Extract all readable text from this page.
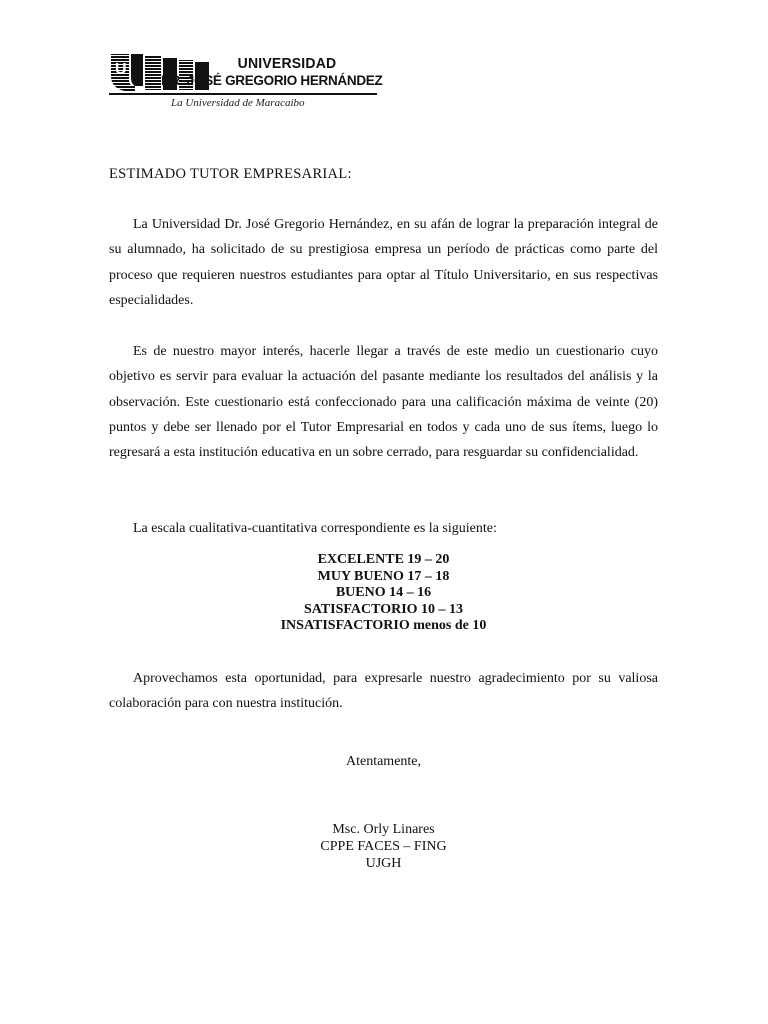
U	UNIVERSIDAD
DR. JOSÉ GREGORIO HERNÁNDEZ
La Universidad de Maracaibo
ESTIMADO TUTOR EMPRESARIAL:

La Universidad Dr. José Gregorio Hernández, en su afán de lograr la preparación integral de su alumnado, ha solicitado de su prestigiosa empresa un período de prácticas como parte del proceso que requieren nuestros estudiantes para optar al Título Universitario, en sus respectivas especialidades.

Es de nuestro mayor interés, hacerle llegar a través de este medio un cuestionario cuyo objetivo es servir para evaluar la actuación del pasante mediante los resultados del análisis y la observación. Este cuestionario está confeccionado para una calificación máxima de veinte (20) puntos y debe ser llenado por el Tutor Empresarial en todos y cada uno de sus ítems, luego lo regresará a esta institución educativa en un sobre cerrado, para resguardar su confidencialidad.

La escala cualitativa-cuantitativa correspondiente es la siguiente:

EXCELENTE 19 – 20
MUY BUENO 17 – 18
BUENO 14 – 16
SATISFACTORIO 10 – 13
INSATISFACTORIO menos de 10

Aprovechamos esta oportunidad, para expresarle nuestro agradecimiento por su valiosa colaboración para con nuestra institución.

Atentamente,
Msc. Orly Linares
CPPE FACES – FING
UJGH
